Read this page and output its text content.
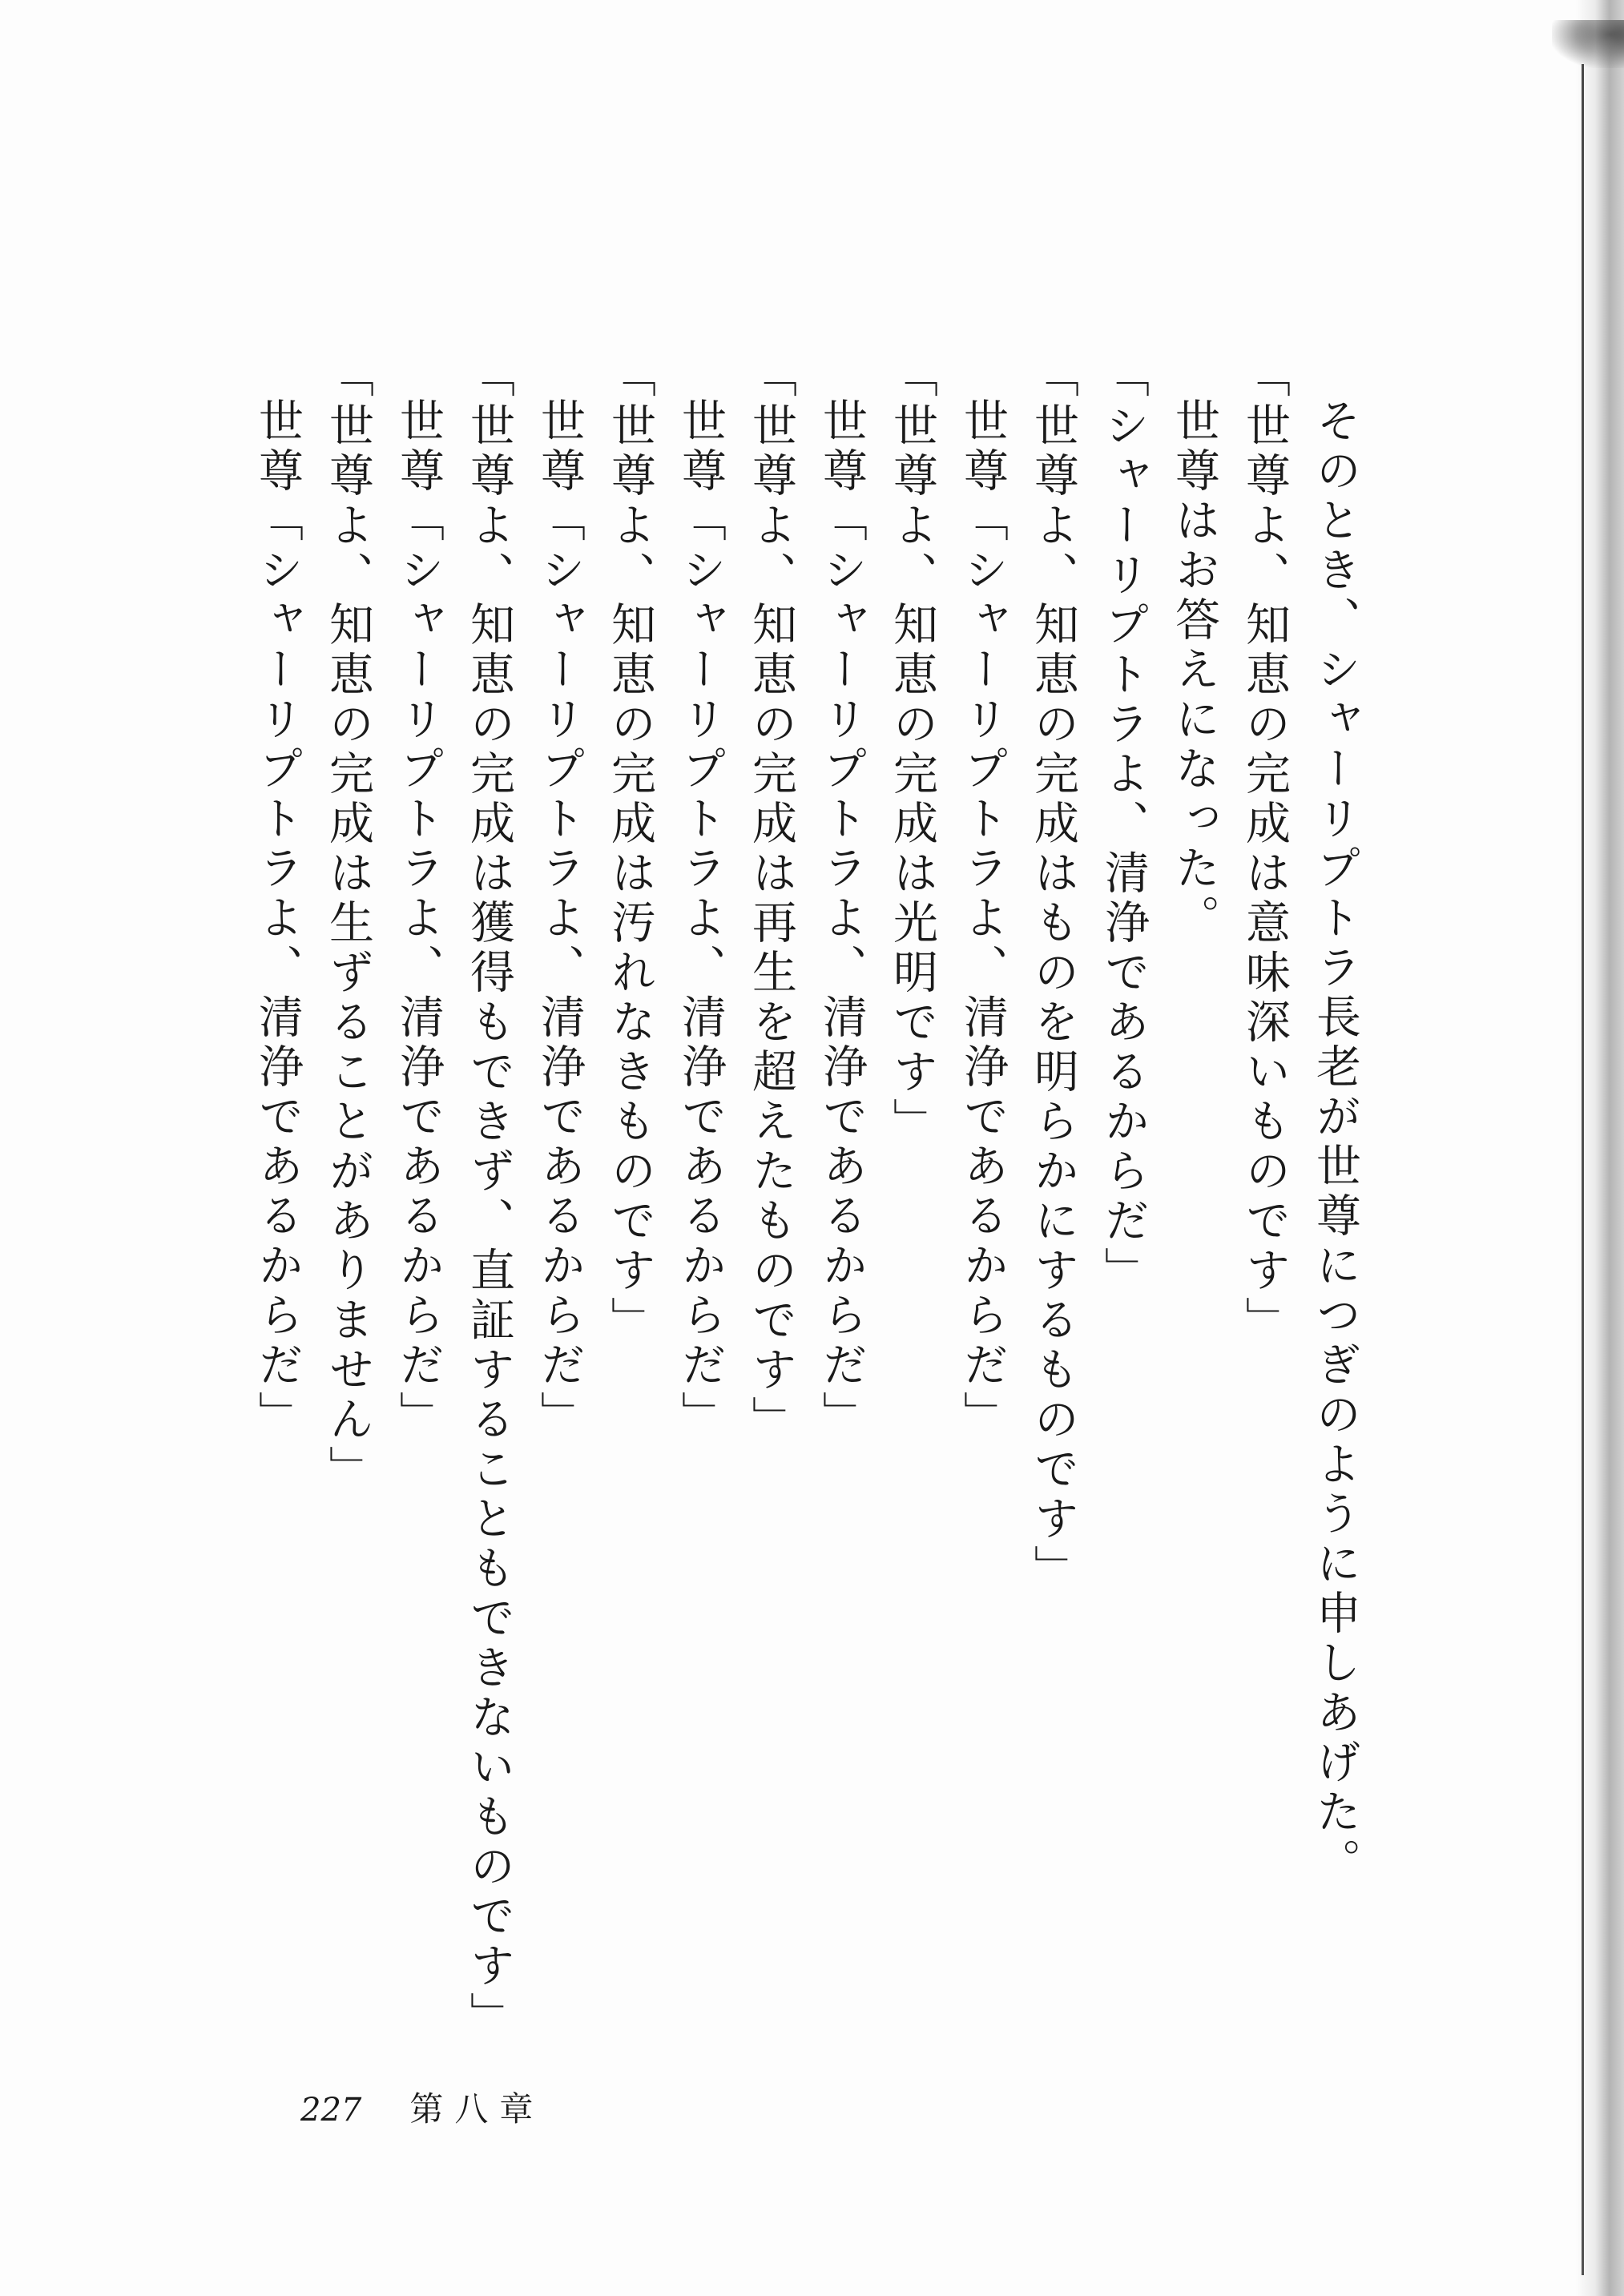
そのとき、シャーリプトラ長老が世尊につぎのように申しあげた。
「世尊よ、知恵の完成は意味深いものです」
世尊はお答えになった。
「シャーリプトラよ、清浄であるからだ」
「世尊よ、知恵の完成はものを明らかにするものです」
世尊「シャーリプトラよ、清浄であるからだ」
「世尊よ、知恵の完成は光明です」
世尊「シャーリプトラよ、清浄であるからだ」
「世尊よ、知恵の完成は再生を超えたものです」
世尊「シャーリプトラよ、清浄であるからだ」
「世尊よ、知恵の完成は汚れなきものです」
世尊「シャーリプトラよ、清浄であるからだ」
「世尊よ、知恵の完成は獲得もできず、直証することもできないものです」
世尊「シャーリプトラよ、清浄であるからだ」
「世尊よ、知恵の完成は生ずることがありません」
世尊「シャーリプトラよ、清浄であるからだ」
227 第八章
